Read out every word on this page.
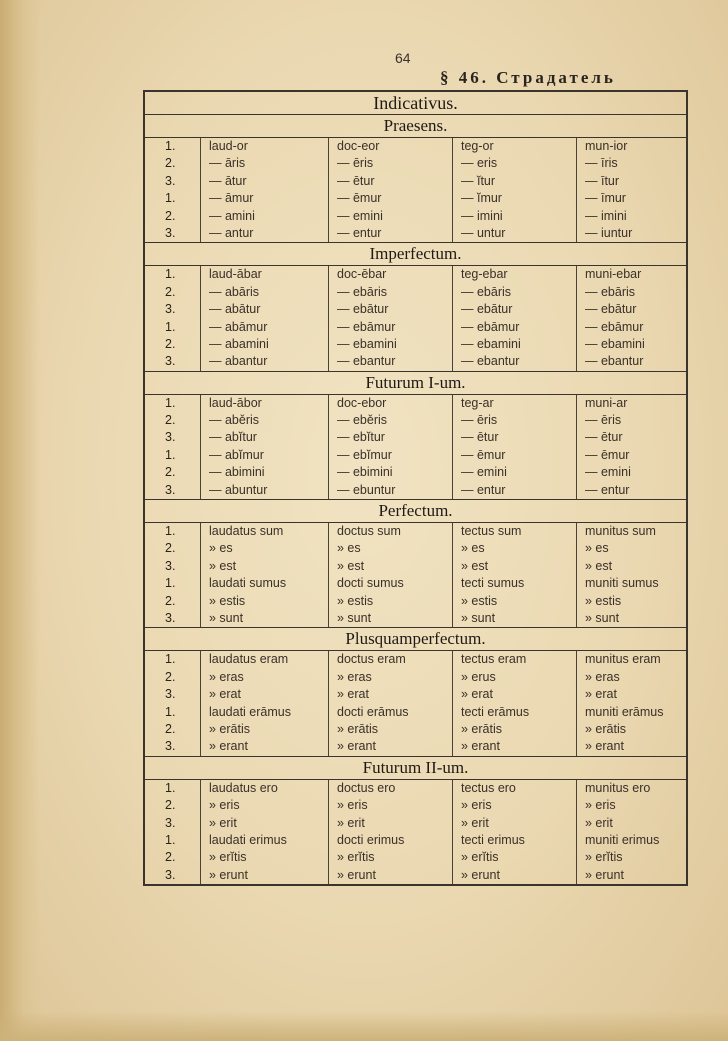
64
§ 46. Страдатель
Indicativus.
Praesens.
1.	laud-or	doc-eor	teg-or	mun-ior
2.	— āris	— ēris	— eris	— īris
3.	— ātur	— ētur	— ĭtur	— ītur
1.	— āmur	— ēmur	— ĭmur	— īmur
2.	— amini	— emini	— imini	— imini
3.	— antur	— entur	— untur	— iuntur
Imperfectum.
1.	laud-ābar	doc-ēbar	teg-ebar	muni-ebar
2.	— abāris	— ebāris	— ebāris	— ebāris
3.	— abātur	— ebātur	— ebātur	— ebātur
1.	— abāmur	— ebāmur	— ebāmur	— ebāmur
2.	— abamini	— ebamini	— ebamini	— ebamini
3.	— abantur	— ebantur	— ebantur	— ebantur
Futurum I-um.
1.	laud-ābor	doc-ebor	teg-ar	muni-ar
2.	— aběris	— eběris	— ēris	— ēris
3.	— abĭtur	— ebĭtur	— ētur	— ētur
1.	— abĭmur	— ebĭmur	— ēmur	— ēmur
2.	— abimini	— ebimini	— emini	— emini
3.	— abuntur	— ebuntur	— entur	— entur
Perfectum.
1.	laudatus sum	doctus sum	tectus sum	munitus sum
2.	» es	» es	» es	» es
3.	» est	» est	» est	» est
1.	laudati sumus	docti sumus	tecti sumus	muniti sumus
2.	» estis	» estis	» estis	» estis
3.	» sunt	» sunt	» sunt	» sunt
Plusquamperfectum.
1.	laudatus eram	doctus eram	tectus eram	munitus eram
2.	» eras	» eras	» erus	» eras
3.	» erat	» erat	» erat	» erat
1.	laudati erāmus	docti erāmus	tecti erāmus	muniti erāmus
2.	» erātis	» erātis	» erātis	» erātis
3.	» erant	» erant	» erant	» erant
Futurum II-um.
1.	laudatus ero	doctus ero	tectus ero	munitus ero
2.	» eris	» eris	» eris	» eris
3.	» erit	» erit	» erit	» erit
1.	laudati erimus	docti erimus	tecti erimus	muniti erimus
2.	» erĭtis	» erĭtis	» erĭtis	» erĭtis
3.	» erunt	» erunt	» erunt	» erunt
